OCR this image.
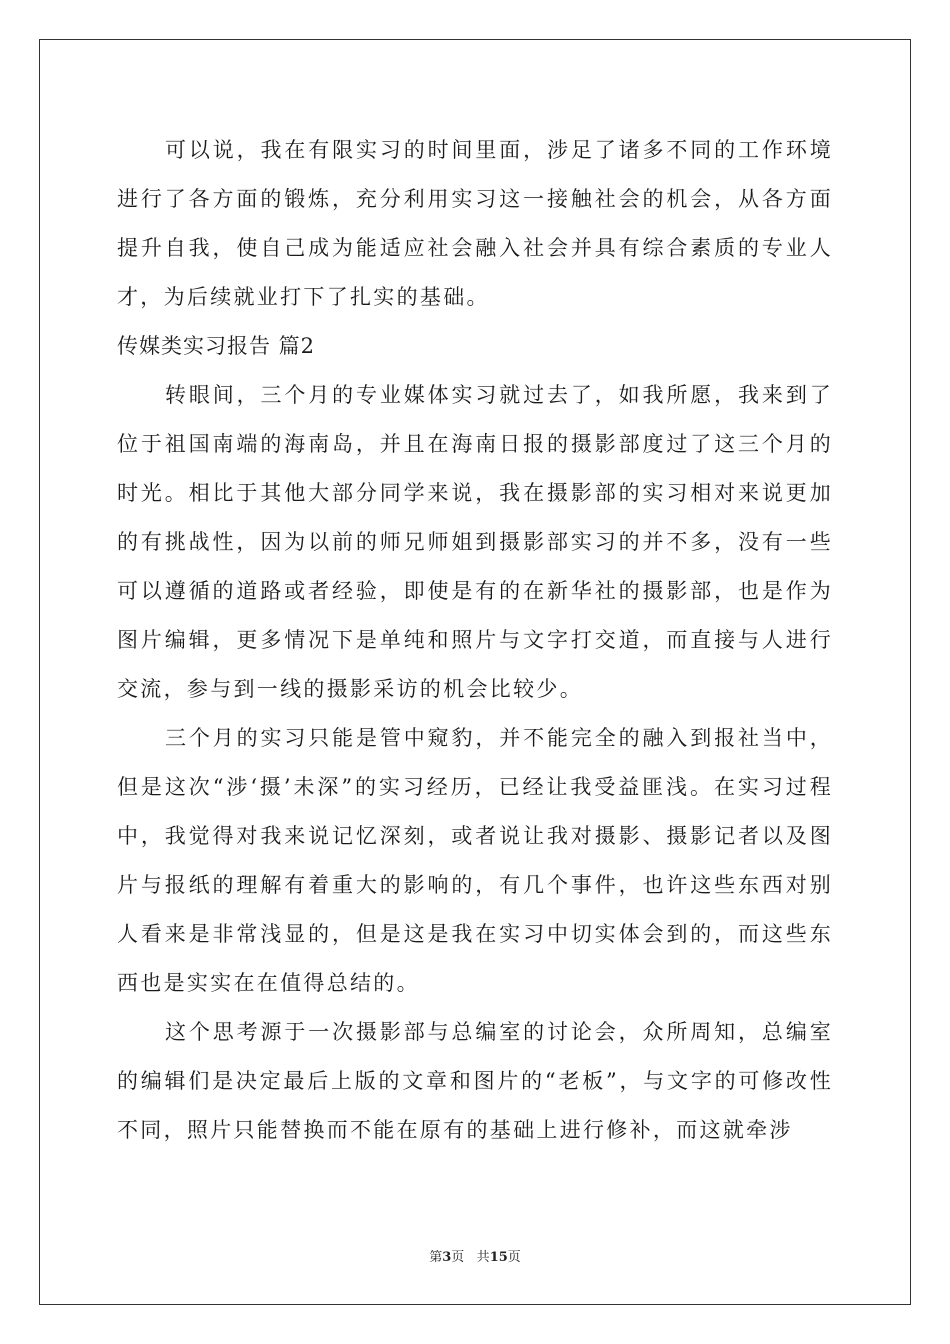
可以说，我在有限实习的时间里面，涉足了诸多不同的工作环境进行了各方面的锻炼，充分利用实习这一接触社会的机会，从各方面提升自我，使自己成为能适应社会融入社会并具有综合素质的专业人才，为后续就业打下了扎实的基础。

传媒类实习报告 篇2

转眼间，三个月的专业媒体实习就过去了，如我所愿，我来到了位于祖国南端的海南岛，并且在海南日报的摄影部度过了这三个月的时光。相比于其他大部分同学来说，我在摄影部的实习相对来说更加的有挑战性，因为以前的师兄师姐到摄影部实习的并不多，没有一些可以遵循的道路或者经验，即使是有的在新华社的摄影部，也是作为图片编辑，更多情况下是单纯和照片与文字打交道，而直接与人进行交流，参与到一线的摄影采访的机会比较少。

三个月的实习只能是管中窥豹，并不能完全的融入到报社当中，但是这次“涉‘摄’未深”的实习经历，已经让我受益匪浅。在实习过程中，我觉得对我来说记忆深刻，或者说让我对摄影、摄影记者以及图片与报纸的理解有着重大的影响的，有几个事件，也许这些东西对别人看来是非常浅显的，但是这是我在实习中切实体会到的，而这些东西也是实实在在值得总结的。

这个思考源于一次摄影部与总编室的讨论会，众所周知，总编室的编辑们是决定最后上版的文章和图片的“老板”，与文字的可修改性不同，照片只能替换而不能在原有的基础上进行修补，而这就牵涉

第3页 共15页
